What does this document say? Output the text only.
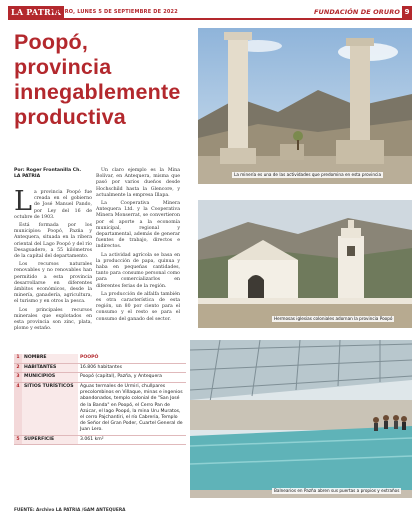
LA PATRIA
ORURO, LUNES 5 DE SEPTIEMBRE DE 2022	FUNDACIÓN DE ORURO 9
Poopó,
provincia
innegablemente
productiva
Por: Roger Frontanilla Ch.
LA PATRIA

La provincia Poopó fue creada en el gobierno de José Manuel Pando, por Ley del 16 de octubre de 1903.

Está formada por los municipios: Poopó, Pazña y Antequera, situada en la ribera oriental del Lago Poopó y del río Desaguadero, a 55 kilómetros de la capital del departamento.

Los recursos naturales renovables y no renovables han permitido a esta provincia desarrollarse en diferentes ámbitos económicos, desde la minería, ganadería, agricultura, el turismo y en otros la pesca.

Los principales recursos minerales que explotados en esta provincia son zinc, plata, plomo y estaño.

Un claro ejemplo es la Mina Bolívar, en Antequera, misma que pasó por varios dueños desde Hochschild hasta la Glencore, y actualmente la empresa Illapa.

La Cooperativa Minera Antequera Ltd. y la Cooperativa Minera Monserrat, se convertieron por el aporte a la economía municipal, regional y departamental, además de generar fuentes de trabajo, directos e indirectos.

La actividad agrícola se basa en la producción de papa, quinua y haba en pequeñas cantidades, tanto para consumo personal como para comercializarlos en diferentes ferias de la región.

La producción de alfalfa también es otra característica de esta región, un 80 por ciento para el consumo y el resto se para el consumo del ganado del sector.

La minería es una de las actividades que predomina en esta provincia
Hermosas iglesias coloniales adornan la provincia Poopó
Balnearios en Pazña abren sus puertas a propios y extraños
1	NOMBRE	POOPÓ
2	HABITANTES	16.806 habitantes
3	MUNICIPIOS	Poopó (capital), Pazña, y Antequera
4	SITIOS TURÍSTICOS	Aguas termales de Urmiri, chullpares precolombinos en Villaque, minas e ingenios abandonados, templo colonial de "San José de la Banda" en Poopó, el Cerro Pan de Azúcar, el lago Poopó, la mina Uru Muratos, el cerro Pajchantiri, el río Cabreria, Templo de Señor del Gran Poder, Cuartel General de Juan Lero.
5	SUPERFICIE	3.061 km²
FUENTE: Archivo LA PATRIA /GAM ANTEQUERA
